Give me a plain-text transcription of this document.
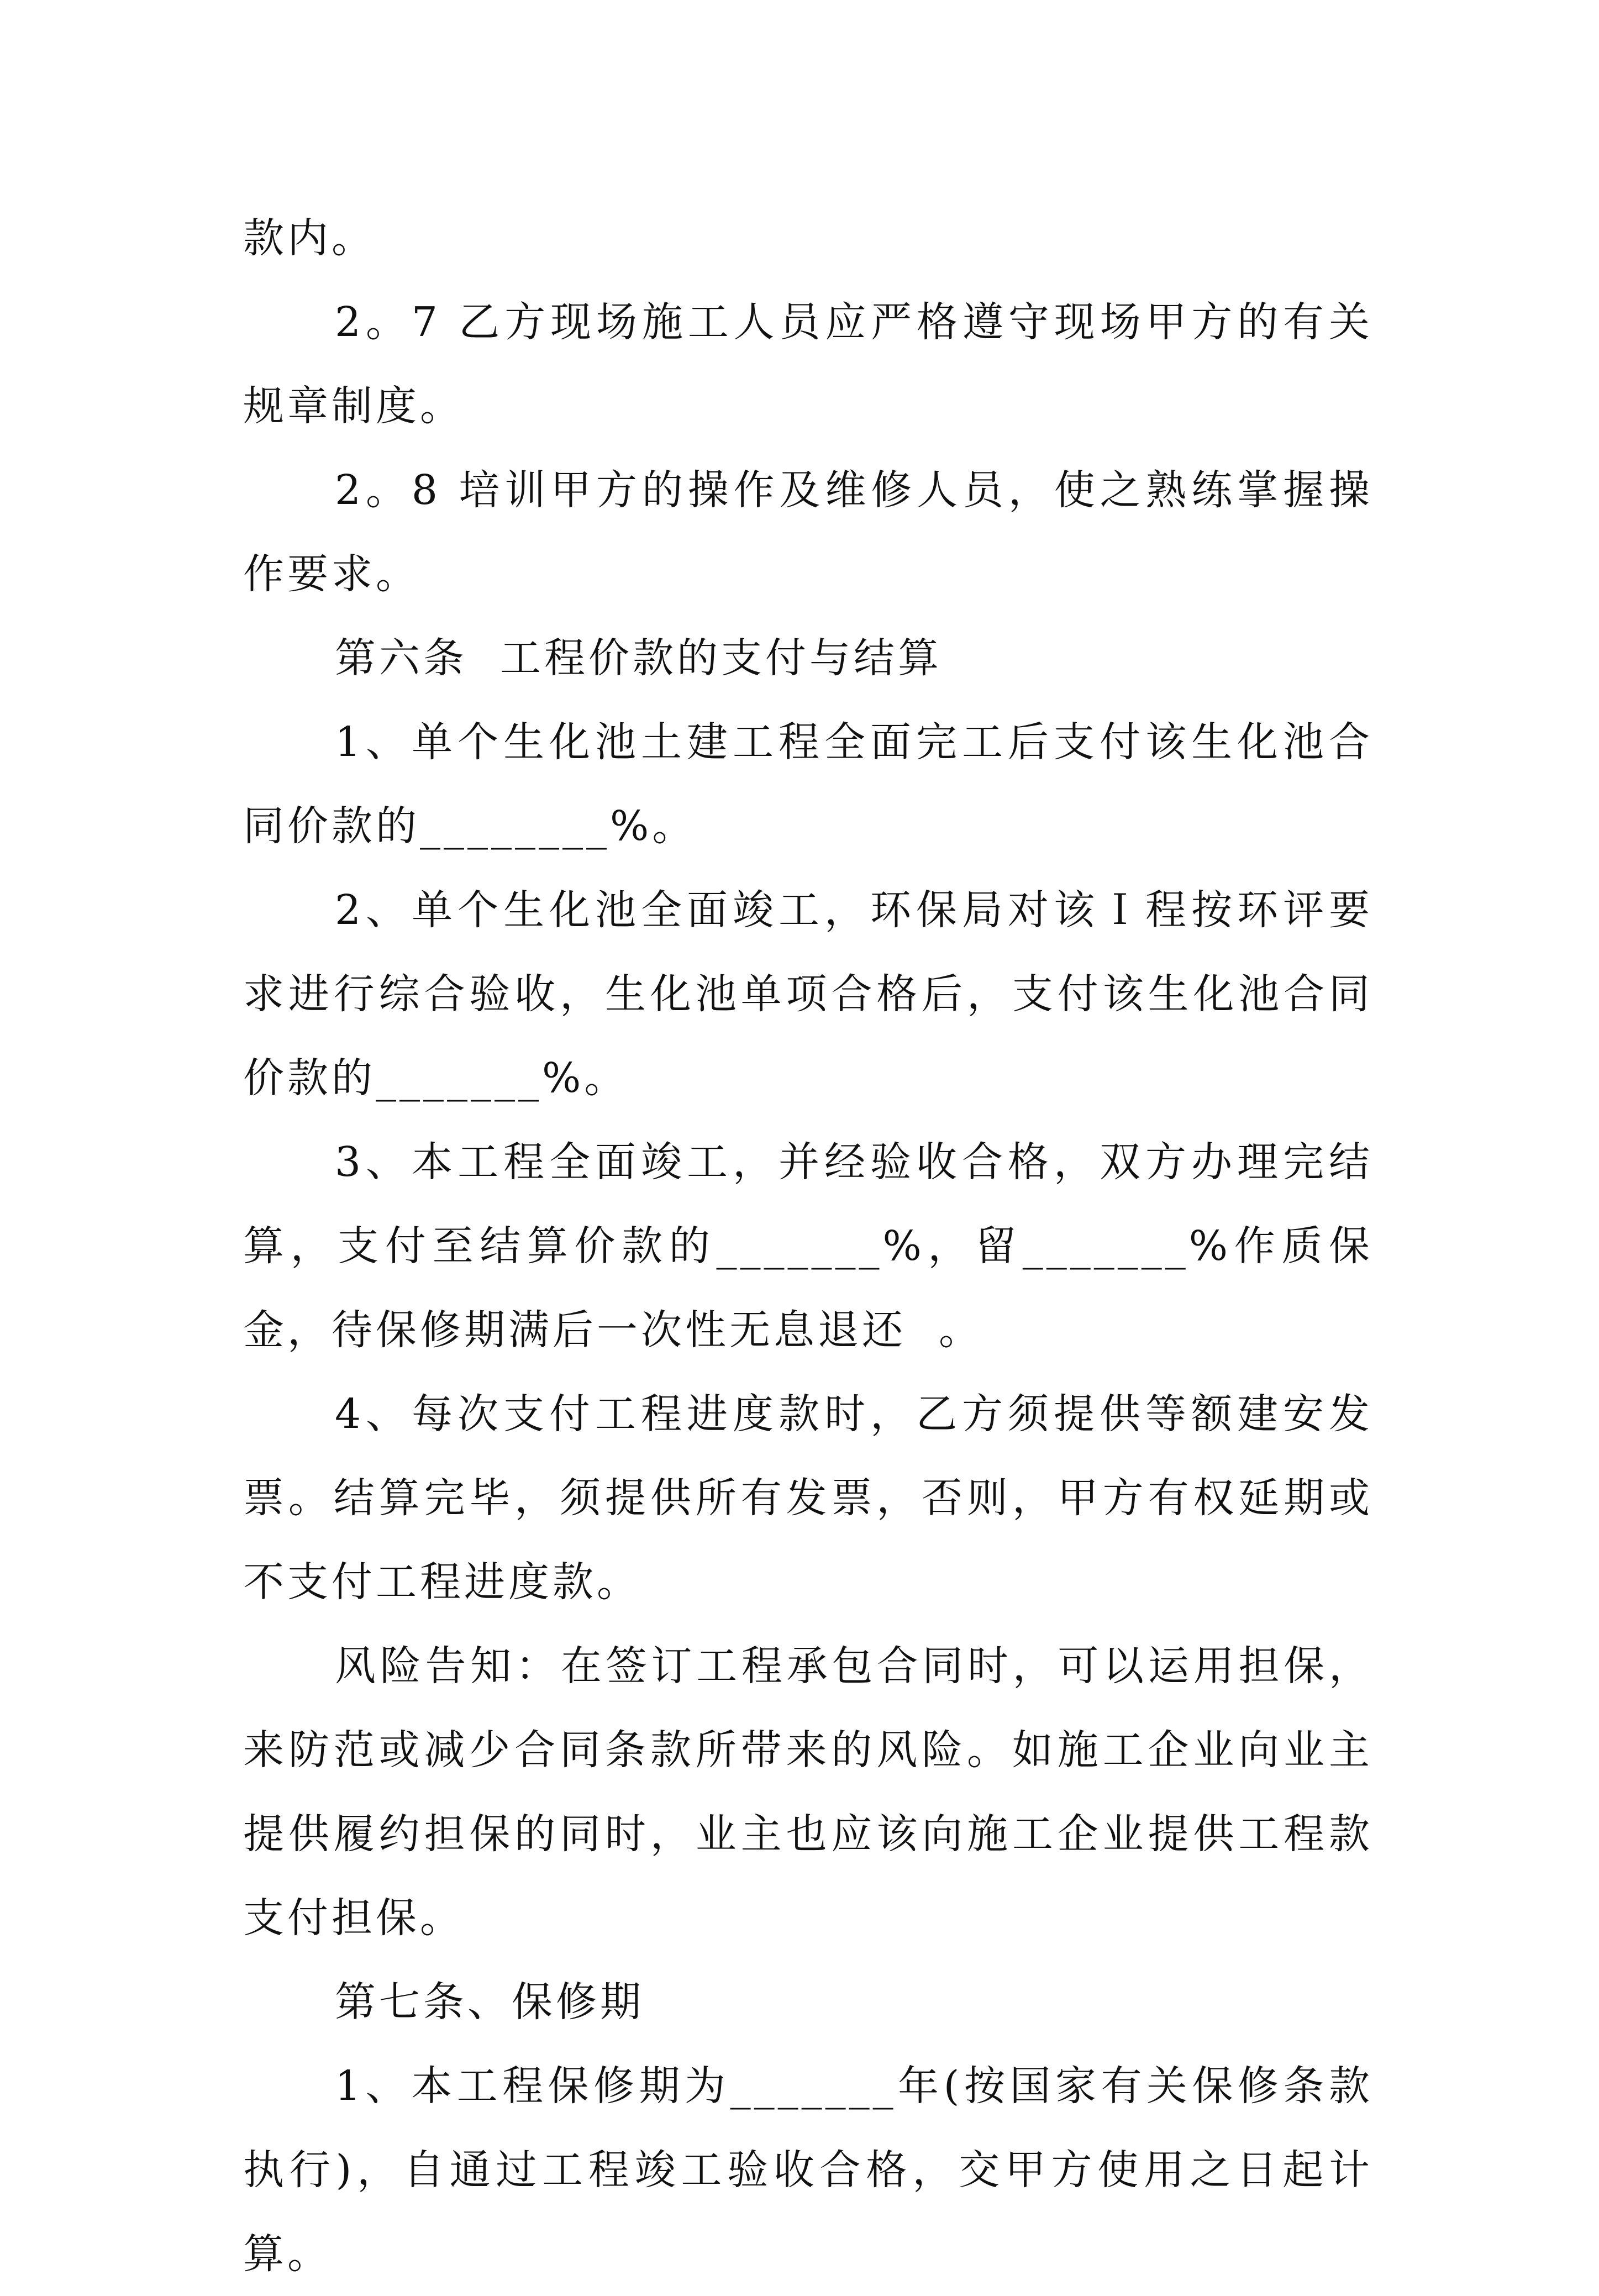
款内。

2。7 乙方现场施工人员应严格遵守现场甲方的有关规章制度。

2。8 培训甲方的操作及维修人员，使之熟练掌握操作要求。

第六条  工程价款的支付与结算

1、单个生化池土建工程全面完工后支付该生化池合同价款的________%。

2、单个生化池全面竣工，环保局对该Ｉ程按环评要求进行综合验收，生化池单项合格后，支付该生化池合同价款的_______%。

3、本工程全面竣工，并经验收合格，双方办理完结算，支付至结算价款的_______%，留_______%作质保金，待保修期满后一次性无息退还  。

4、每次支付工程进度款时，乙方须提供等额建安发票。结算完毕，须提供所有发票，否则，甲方有权延期或不支付工程进度款。

风险告知：在签订工程承包合同时，可以运用担保，来防范或减少合同条款所带来的风险。如施工企业向业主提供履约担保的同时，业主也应该向施工企业提供工程款支付担保。

第七条、保修期

1、本工程保修期为_______年(按国家有关保修条款执行)，自通过工程竣工验收合格，交甲方使用之日起计算。
